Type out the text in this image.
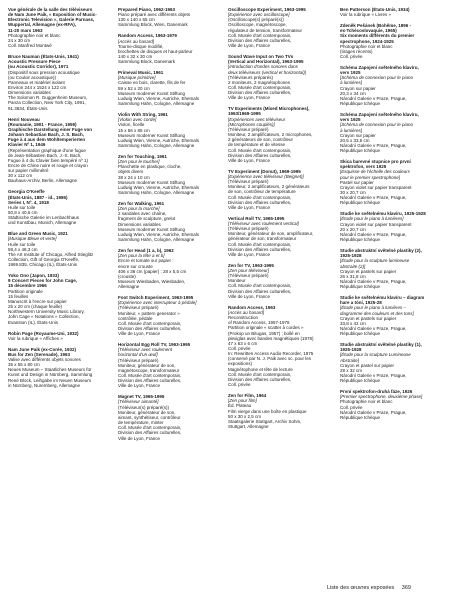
Vue générale de la salle des téléviseurs
de Nam June Paik, « Exposition of Music-
Electronic Television », Galerie Parnass,
Wuppertal, Allemagne (ex-RFA),
11-20 mars 1963
Photographie noir et blanc
24 x 30 cm
Coll. Manfred Montwé
Bruce Nauman (États-Unis, 1941)
Acoustic Pressure Piece
(ou Acoustic Corridor), 1971
(Dispositif sous pression acoustique
(ou Couloir acoustique))
Panneaux et matériel isolant
Environ 244 x 1524 x 122 cm
Dimensions variables
The Solomon R. Guggenheim Museum,
Panza Collection, New York City, 1991,
91.3834, États-Unis
Henri Nouveau
(Roumanie, 1901 - France, 1959)
Graphische Darstellung einer Fuge von
Johann Sebastian Bach, J. S. Bach,
Fuge à 4 aus dem Wohltemperierten
Klavier Nº 1, 1946
(Représentation graphique d'une fugue
de Jean-Sébastien Bach, J.-S. Bach,
Fugue à 4 du Clavier bien tempéré nº 1)
Encre de Chine noire et rouge et crayon
sur papier millimétré
30 x 112 cm
Bauhaus-Archiv, Berlin, Allemagne
Georgia O'Keeffe
(États-Unis, 1887 - id., 1986)
Series I, Nº. 4, 1918
Huile sur toile
50,8 x 40,6 cm
Städtische Galerie im Lenbachhaus
und Kunstbau, Munich, Allemagne
Blue and Green Music, 1921
[Musique Bleue et verte]
Huile sur toile
58,4 x 48,3 cm
The Art Institute of Chicago, Alfred Stieglitz
Collection, Gift of Georgia O'Keeffe,
1969.835, Chicago (IL), États-Unis
Yoko Ono (Japon, 1933)
9 Concert Pieces for John Cage,
15 décembre 1966
Partition originale
15 feuilles
Manuscrit à l'encre sur papier
25 x 20 cm (chaque feuille)
Northwestern University Music Library,
John Cage « Notations » Collection,
Evanston (IL), États-Unis
Robin Page (Royaume-Uni, 1932)
Voir la rubrique « Affiches »
Nam June Paik (ex-Corée, 1932)
Bus for Zen (Serenade), 1963
Valise avec différents objets sonores
35 x 55 x 80 cm
Neues Museum – Staatliches Museum für
Kunst und Design in Nürnberg, Sammlung
René Block, Leihgabe im Neuen Museum
in Nürnberg, Nuremberg, Allemagne
Prepared Piano, 1962-1963
Piano préparé avec différents objets
130 x 140 x 65 cm
Sammlung Block, Wien, Danemark
Random Access, 1963-1979
[Accès au hasard]
Tourne-disque modifié,
brochettes de disques et haut-parleur
140 x 32 x 30 cm
Sammlung Block, Danemark
Primeval Music, 1961
[Musique primitive]
Caisse en bois, clarette, fils de fer
59 x 52 x 20 cm
Museum moderner Kunst Stiftung
Ludwig Wien, Vienne, Autriche, Ehemals
Sammlung Hahn, Cologne, Allemagne
Violin With String, 1961
[Violon avec corde]
Violon, ficelle
15 x 56 x 85 cm
Museum moderner Kunst Stiftung
Ludwig Wien, Vienne, Autriche, Ehemals
Sammlung Hahn, Cologne, Allemagne
Zen for Touching, 1961
[Zen pour le toucher]
Planchette en plastique, cloche,
objets divers
38 x 24 x 10 cm
Museum moderner Kunst Stiftung
Ludwig Wien, Vienne, Autriche, Ehemals
Sammlung Hahn, Cologne, Allemagne
Zen for Walking, 1961
[Zen pour la marche]
2 sandales avec chaîne,
fragment de sculpture, grelot
Dimensions variables
Museum moderner Kunst Stiftung
Ludwig Wien, Vienne, Autriche, Ehemals
Sammlung Hahn, Cologne, Allemagne
Zen for Head (1 a, b), 1962
[Zen pour la tête a et b]
Encre et tomate sur papier :
encre sur crouste
406 x 36 cm (papier) ; 28 x 5,5 cm
(crouste)
Museum Wiesbaden, Wiesbaden,
Allemagne
Foot Switch Experiment, 1963-1995
[Expérience avec interrupteur à pédale]
(Téléviseur préparé)
Moniteur, « pattern generator »
contrôlée, pédale
Coll. Musée d'art contemporain,
Division des Affaires culturelles,
Ville de Lyon, France
Horizontal Egg Roll TV, 1963-1995
[Téléviseur avec roulement
horizontal d'un œuf]
(Téléviseur préparé)
Moniteur, générateur de son,
magnétoscope, transformateur
Coll. Musée d'art contemporain,
Division des Affaires culturelles,
Ville de Lyon, France
Magnet TV, 1965-1995
[Téléviseur aimanté]
(Téléviseur(s) préparé(s))
Moniteur, générateur de son,
aimant, synthétiseur, contrôleur
de température, minter
Coll. Musée d'art contemporain,
Division des Affaires culturelles,
Ville de Lyon, France
Oscilloscope Experiment, 1963-1995
[Expérience avec oscilloscope]
(Oscilloscope(s) préparé(s))
Oscilloscope, magnétoscope,
régulateur de tension, transformateur
Coll. Musée d'art contemporain,
Division des Affaires culturelles,
Ville de Lyon, France
Sound Wave Input on Two TVs
(Vertical and Horizontal), 1963-1995
[Introduction d'ondes sonores dans
deux téléviseurs (vertical et horizontal)]
(Téléviseurs préparés)
2 moniteurs, 2 magnétophones
Coll. Musée d'art contemporain,
Division des Affaires culturelles,
Ville de Lyon, France
TV Experiments (Mixed Microphones),
1963/1969-1995
[Expériences avec téléviseur
(Microphones couplés)]
(Téléviseur préparé)
Moniteur, 2 amplificateurs, 2 microphones,
2 générateurs de son, contrôleur
de température et de vitesse
Coll. Musée d'art contemporain,
Division des Affaires culturelles,
Ville de Lyon, France
TV Experiment (Donut), 1969-1995
[Expérience avec téléviseur (Beignet)]
(Téléviseur préparé)
Moniteur, 2 amplificateurs, 2 générateurs
de son, contrôleur de température
Coll. Musée d'art contemporain,
Division des Affaires culturelles,
Ville de Lyon, France
Vertical Roll TV, 1965-1995
[Téléviseur avec roulement vertical]
(Téléviseur préparé)
Moniteur, générateur de son, amplificateur,
générateur de son, transformateur
Coll. Musée d'art contemporain,
Division des Affaires culturelles,
Ville de Lyon, France
Zen for TV, 1963-1995
[Zen pour téléviseur]
(Téléviseur préparé)
Moniteur
Coll. Musée d'art contemporain,
Division des Affaires culturelles,
Ville de Lyon, France
Random Access, 1963
[Accès au hasard]
Reconstruction
of Random Access, 1957-1978
Partition originale « scatter à cordes »
(Prokop un Bitugas, 1957) ; bollé en
plexiglas avec bandes magnétiques (1978)
47 x 63 x 6 cm
Coll. privée
In: Rewritten Access Audio Recorder, 1975
(conservé par N. J. Paik avec sc. pour les
expositions)
Magnétophone et tête de lecture
Coll. Musée d'art contemporain,
Division des Affaires culturelles,
Coll. privée
Zen for Film, 1964
[Zen pour film]
Éd. Plateau
Film vierge dans une boîte en plastique
50 x 30 x 2,5 cm
Staatsgalerie Stuttgart, Archiv Sohm,
Stuttgart, Allemagne
Ben Patterson (États-Unis, 1934)
Voir la rubrique « Livres »
Zdeněk Pešánek (Bohême, 1896 -
ex-Tchécoslovaquie, 1965)
Six moments différents du premier
spectrophone, 1924-1925
Photographie noir et blanc
(tirages récents)
Coll. privée
Schéma Zapojení světelného klavíru,
vers 1925
[Schéma de connexion pour le piano
à lumières]
Crayon sur papier
20,3 x 34 cm
Národní Galerie v Praze, Prague,
République tchèque
Schéma Zapojení světelného klavíru,
vers 1925
[Schéma de connexion pour le piano
à lumières]
Crayon sur papier
20,5 x 33,5 cm
Národní Galerie v Praze, Prague,
République tchèque
Skica barevné stupnice pro první
spektrofon, vers 1925
[Esquisse de l'échelle des couleurs
pour le premier spectrophone]
Pastel sur papier
Crayon violet sur papier transparent
30 x 20,7 cm
Národní Galerie v Praze, Prague,
République tchèque
Studie ke světelnému klavíru, 1925-1928
[Étude pour le piano à lumières]
Crayon violet sur papier transparent
20 x 20,7 cm
Národní Galerie v Praze, Prague,
République tchèque
Studie abstraktní světelné plastiky (2),
1925-1928
[Étude pour la sculpture lumineuse
abstraite (2)]
Crayon et pastels sur papier
26 x 31,8 cm
Národní Galerie v Praze, Prague,
République tchèque
Studie ke světelnému klavíru – diagram
hare a tóní, 1925-28
[Étude pour le piano à lumières –
diagramme des couleurs et des tons]
Crayon et pastels sur papier
33,8 x 42 cm
Národní Galerie v Praze, Prague,
République tchèque
Studie abstraktní světelné plastiky (1),
1925-1928
[Étude pour la sculpture Lumineuse
Abstraite]
Crayon et pastel sur papier
28 x 32 cm
Národní Galerie v Praze, Prague,
République tchèque
První spektrofon-druhá fáze, 1926
[Premier spectrophone, deuxième phase]
Photographie noir et blanc
Coll. privée
Národní Galerie v Praze, Prague,
République tchèque
Liste des œuvres exposées 369
